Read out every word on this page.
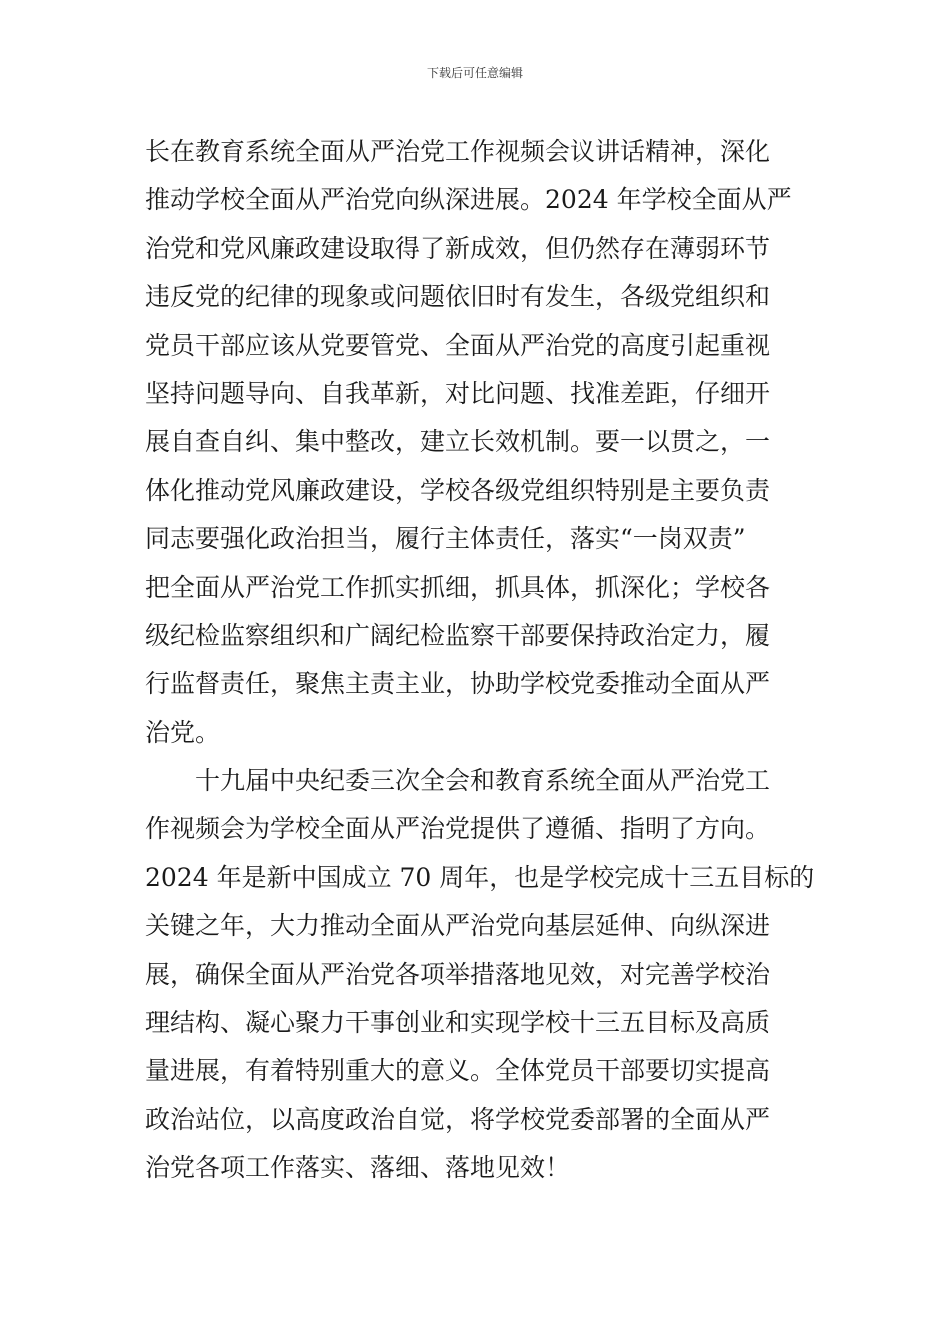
下载后可任意编辑
长在教育系统全面从严治党工作视频会议讲话精神，深化
推动学校全面从严治党向纵深进展。2024 年学校全面从严
治党和党风廉政建设取得了新成效，但仍然存在薄弱环节
违反党的纪律的现象或问题依旧时有发生，各级党组织和
党员干部应该从党要管党、全面从严治党的高度引起重视
坚持问题导向、自我革新，对比问题、找准差距，仔细开
展自查自纠、集中整改，建立长效机制。要一以贯之，一
体化推动党风廉政建设，学校各级党组织特别是主要负责
同志要强化政治担当，履行主体责任，落实“一岗双责”
把全面从严治党工作抓实抓细，抓具体，抓深化；学校各
级纪检监察组织和广阔纪检监察干部要保持政治定力，履
行监督责任，聚焦主责主业，协助学校党委推动全面从严
治党。
十九届中央纪委三次全会和教育系统全面从严治党工
作视频会为学校全面从严治党提供了遵循、指明了方向。
2024 年是新中国成立 70 周年，也是学校完成十三五目标的
关键之年，大力推动全面从严治党向基层延伸、向纵深进
展，确保全面从严治党各项举措落地见效，对完善学校治
理结构、凝心聚力干事创业和实现学校十三五目标及高质
量进展，有着特别重大的意义。全体党员干部要切实提高
政治站位，以高度政治自觉，将学校党委部署的全面从严
治党各项工作落实、落细、落地见效！
